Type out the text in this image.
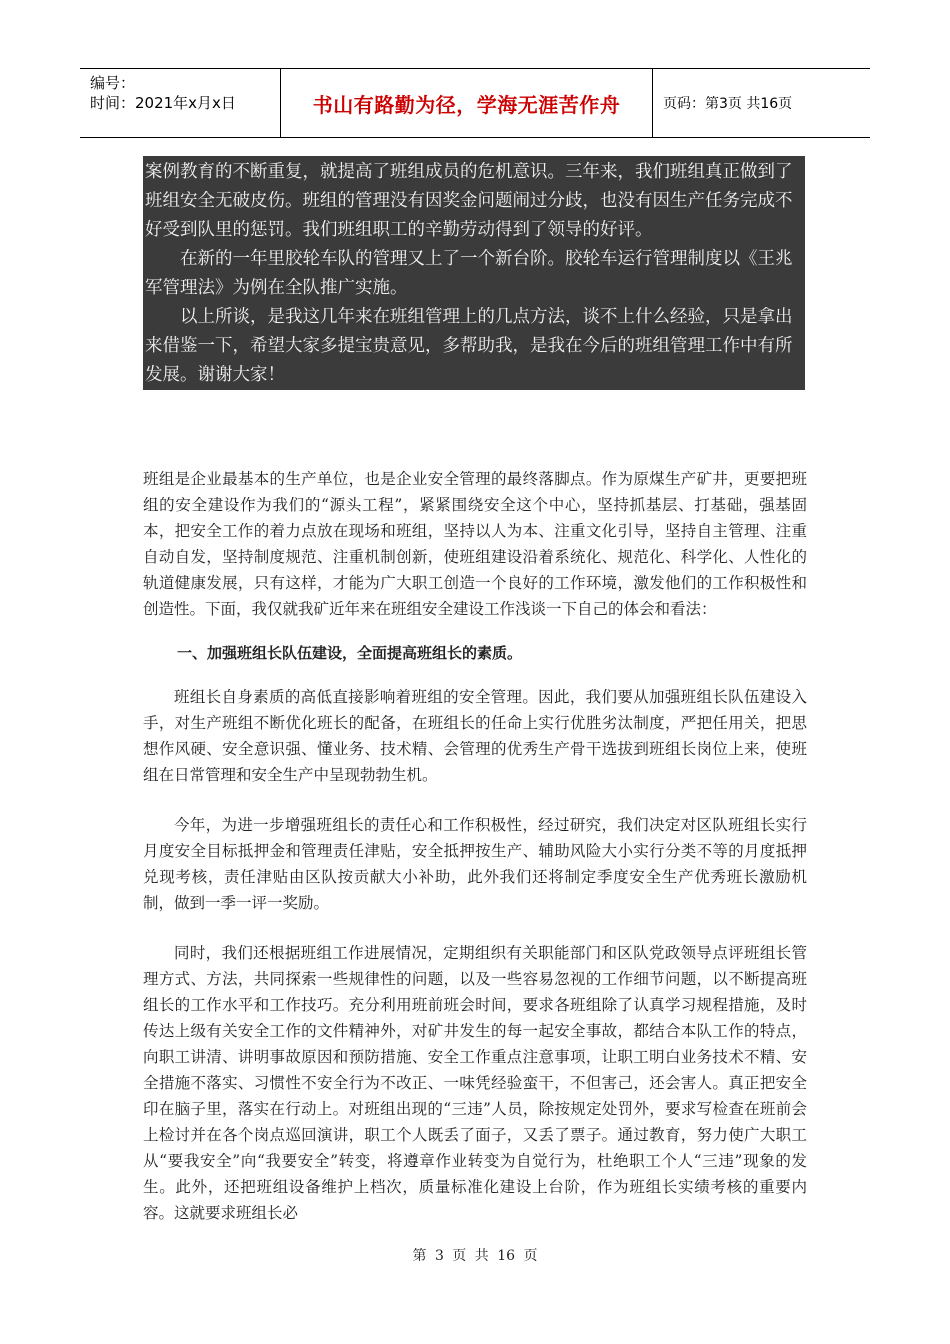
编号：
时间：2021年x月x日	书山有路勤为径，学海无涯苦作舟	页码：第3页 共16页

案例教育的不断重复，就提高了班组成员的危机意识。三年来，我们班组真正做到了班组安全无破皮伤。班组的管理没有因奖金问题闹过分歧，也没有因生产任务完成不好受到队里的惩罚。我们班组职工的辛勤劳动得到了领导的好评。

在新的一年里胶轮车队的管理又上了一个新台阶。胶轮车运行管理制度以《王兆军管理法》为例在全队推广实施。

以上所谈，是我这几年来在班组管理上的几点方法，谈不上什么经验，只是拿出来借鉴一下，希望大家多提宝贵意见，多帮助我，是我在今后的班组管理工作中有所发展。谢谢大家！

班组是企业最基本的生产单位，也是企业安全管理的最终落脚点。作为原煤生产矿井，更要把班组的安全建设作为我们的“源头工程”，紧紧围绕安全这个中心，坚持抓基层、打基础，强基固本，把安全工作的着力点放在现场和班组，坚持以人为本、注重文化引导，坚持自主管理、注重自动自发，坚持制度规范、注重机制创新，使班组建设沿着系统化、规范化、科学化、人性化的轨道健康发展，只有这样，才能为广大职工创造一个良好的工作环境，激发他们的工作积极性和创造性。下面，我仅就我矿近年来在班组安全建设工作浅谈一下自己的体会和看法：

一、加强班组长队伍建设，全面提高班组长的素质。

班组长自身素质的高低直接影响着班组的安全管理。因此，我们要从加强班组长队伍建设入手，对生产班组不断优化班长的配备，在班组长的任命上实行优胜劣汰制度，严把任用关，把思想作风硬、安全意识强、懂业务、技术精、会管理的优秀生产骨干选拔到班组长岗位上来，使班组在日常管理和安全生产中呈现勃勃生机。

今年，为进一步增强班组长的责任心和工作积极性，经过研究，我们决定对区队班组长实行月度安全目标抵押金和管理责任津贴，安全抵押按生产、辅助风险大小实行分类不等的月度抵押兑现考核，责任津贴由区队按贡献大小补助，此外我们还将制定季度安全生产优秀班长激励机制，做到一季一评一奖励。

同时，我们还根据班组工作进展情况，定期组织有关职能部门和区队党政领导点评班组长管理方式、方法，共同探索一些规律性的问题，以及一些容易忽视的工作细节问题，以不断提高班组长的工作水平和工作技巧。充分利用班前班会时间，要求各班组除了认真学习规程措施，及时传达上级有关安全工作的文件精神外，对矿井发生的每一起安全事故，都结合本队工作的特点，向职工讲清、讲明事故原因和预防措施、安全工作重点注意事项，让职工明白业务技术不精、安全措施不落实、习惯性不安全行为不改正、一味凭经验蛮干，不但害己，还会害人。真正把安全印在脑子里，落实在行动上。对班组出现的“三违”人员，除按规定处罚外，要求写检查在班前会上检讨并在各个岗点巡回演讲，职工个人既丢了面子，又丢了票子。通过教育，努力使广大职工从“要我安全”向“我要安全”转变，将遵章作业转变为自觉行为，杜绝职工个人“三违”现象的发生。此外，还把班组设备维护上档次，质量标准化建设上台阶，作为班组长实绩考核的重要内容。这就要求班组长必

第 3 页 共 16 页
